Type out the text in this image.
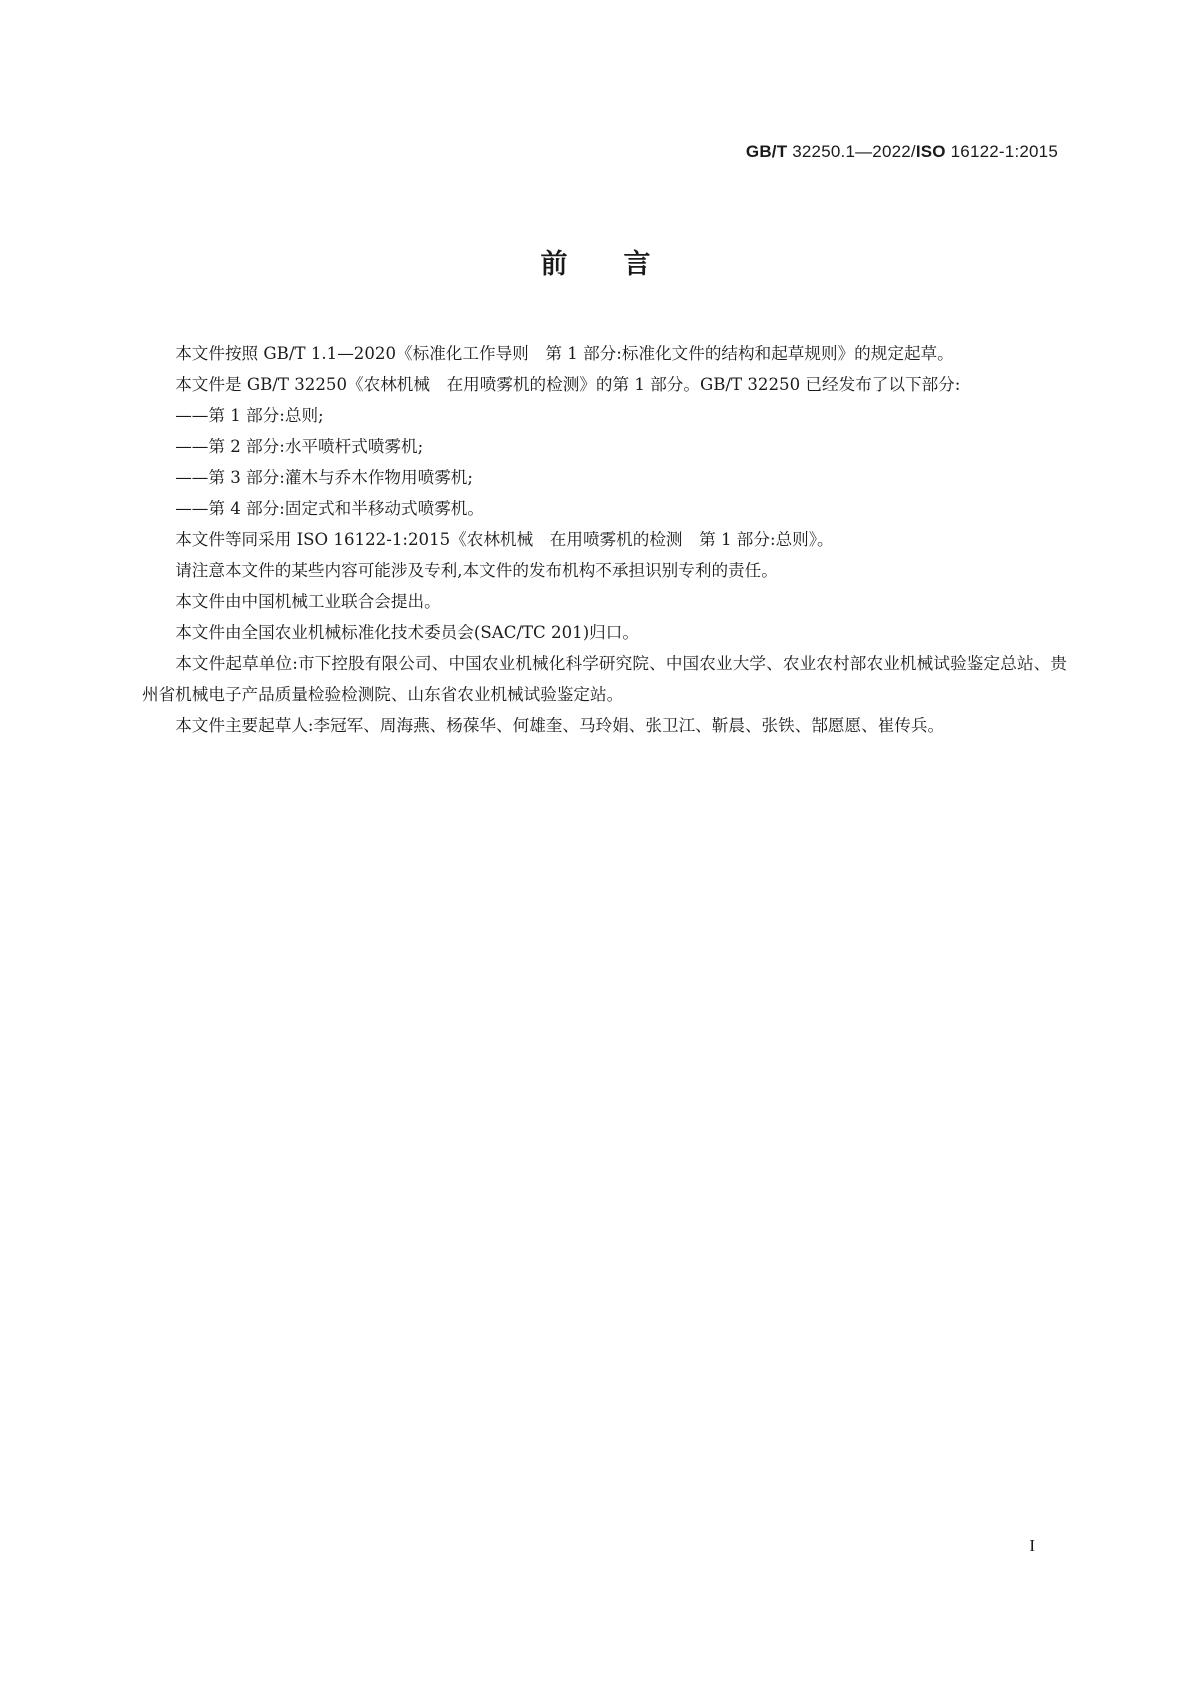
GB/T 32250.1—2022/ISO 16122-1:2015
前言

本文件按照 GB/T 1.1—2020《标准化工作导则　第 1 部分:标准化文件的结构和起草规则》的规定起草。

本文件是 GB/T 32250《农林机械　在用喷雾机的检测》的第 1 部分。GB/T 32250 已经发布了以下部分:

——第 1 部分:总则;

——第 2 部分:水平喷杆式喷雾机;

——第 3 部分:灌木与乔木作物用喷雾机;

——第 4 部分:固定式和半移动式喷雾机。

本文件等同采用 ISO 16122-1:2015《农林机械　在用喷雾机的检测　第 1 部分:总则》。

请注意本文件的某些内容可能涉及专利,本文件的发布机构不承担识别专利的责任。

本文件由中国机械工业联合会提出。

本文件由全国农业机械标准化技术委员会(SAC/TC 201)归口。

本文件起草单位:市下控股有限公司、中国农业机械化科学研究院、中国农业大学、农业农村部农业机械试验鉴定总站、贵州省机械电子产品质量检验检测院、山东省农业机械试验鉴定站。

本文件主要起草人:李冠军、周海燕、杨葆华、何雄奎、马玲娟、张卫江、靳晨、张铁、郜愿愿、崔传兵。

I
